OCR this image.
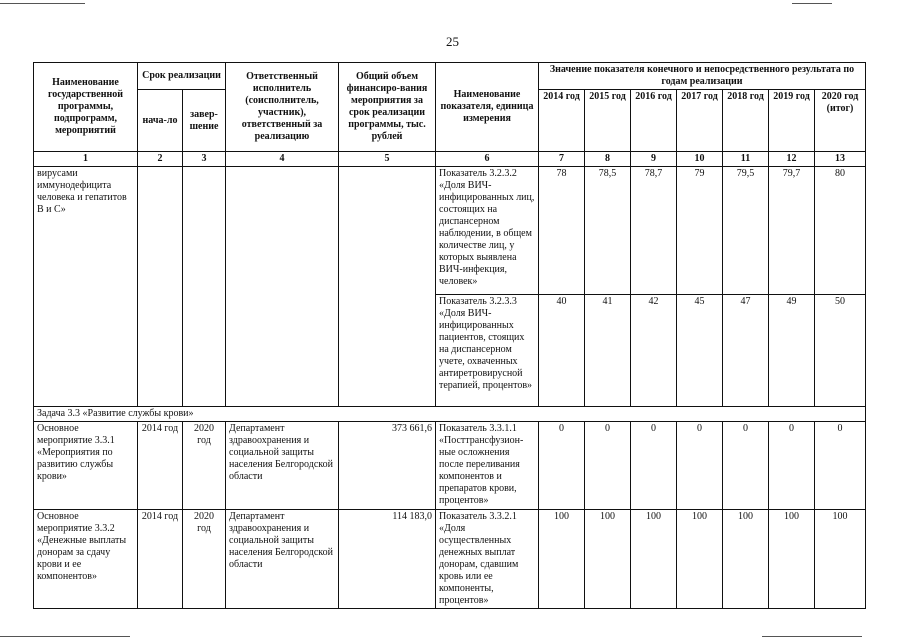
25
Наименование государственной программы, подпрограмм, мероприятий	Срок реализации		Ответственный исполнитель (соисполнитель, участник), ответственный за реализацию	Общий объем финансиро-вания мероприятия за срок реализации программы, тыс. рублей	Наименование показателя, единица измерения	Значение показателя конечного и непосредственного результата по годам реализации						
	нача-ло	завер-шение				2014 год	2015 год	2016 год	2017 год	2018 год	2019 год	2020 год (итог)
1	2	3	4	5	6	7	8	9	10	11	12	13
вирусами иммунодефицита человека и гепатитов В и С»					Показатель 3.2.3.2 «Доля ВИЧ-инфицированных лиц, состоящих на диспансерном наблюдении, в общем количестве лиц, у которых выявлена ВИЧ-инфекция, человек»	78	78,5	78,7	79	79,5	79,7	80
					Показатель 3.2.3.3 «Доля ВИЧ-инфицированных пациентов, стоящих на диспансерном учете, охваченных антиретровирусной терапией, процентов»	40	41	42	45	47	49	50
Задача 3.3 «Развитие службы крови»												
Основное мероприятие 3.3.1 «Мероприятия по развитию службы крови»	2014 год	2020 год	Департамент здравоохранения и социальной защиты населения Белгородской области	373 661,6	Показатель 3.3.1.1 «Посттрансфузион-ные осложнения после переливания компонентов и препаратов крови, процентов»	0	0	0	0	0	0	0
Основное мероприятие 3.3.2 «Денежные выплаты донорам за сдачу крови и ее компонентов»	2014 год	2020 год	Департамент здравоохранения и социальной защиты населения Белгородской области	114 183,0	Показатель 3.3.2.1 «Доля осуществленных денежных выплат донорам, сдавшим кровь или ее компоненты, процентов»	100	100	100	100	100	100	100
